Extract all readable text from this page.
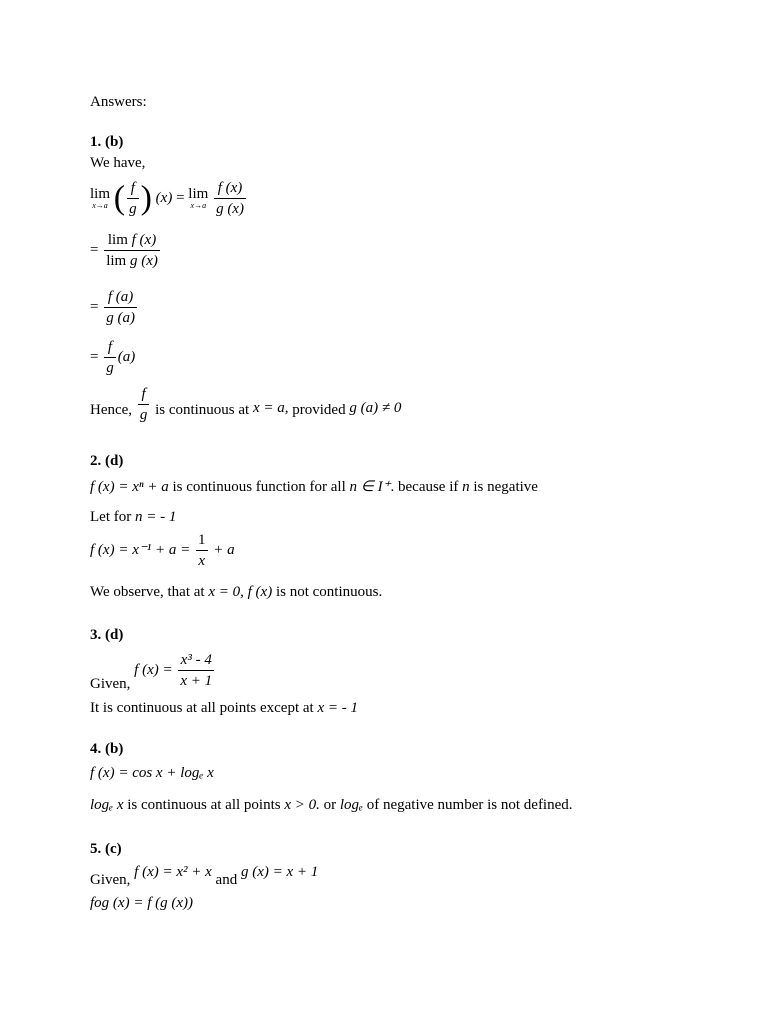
Answers:
1. (b)
We have,
lim
x→a ( $\frac{f}{g}$ ) (x) = lim
x→a
$\frac{f (x)}{g (x)}$
= $\frac{\text{lim f (x)}}{\text{lim g (x)}}$
= $\frac{f (a)}{g (a)}$
= $\frac{f}{g} (a)$
Hence, $\frac{f}{g}$ is continuous at x = a, provided g (a) ≠ 0
2. (d)
f (x) = xⁿ + a is continuous function for all n ∈ I⁺. because if n is negative
Let for n = - 1
f $(x) = x^{-1} + a = \frac{1}{x} + a$
We observe, that at x = 0, f (x) is not continuous.
3. (d)
Given, f $(x) = \frac{\text{x³ - 4}}{x + 1}$
It is continuous at all points except at x = - 1
4. (b)
f (x) = cos x + logₑ x
logₑ x is continuous at all points x > 0. or logₑ of negative number is not defined.
5. (c)
Given, f (x) = x² + x and g (x) = x + 1
fog (x) = f (g (x))
